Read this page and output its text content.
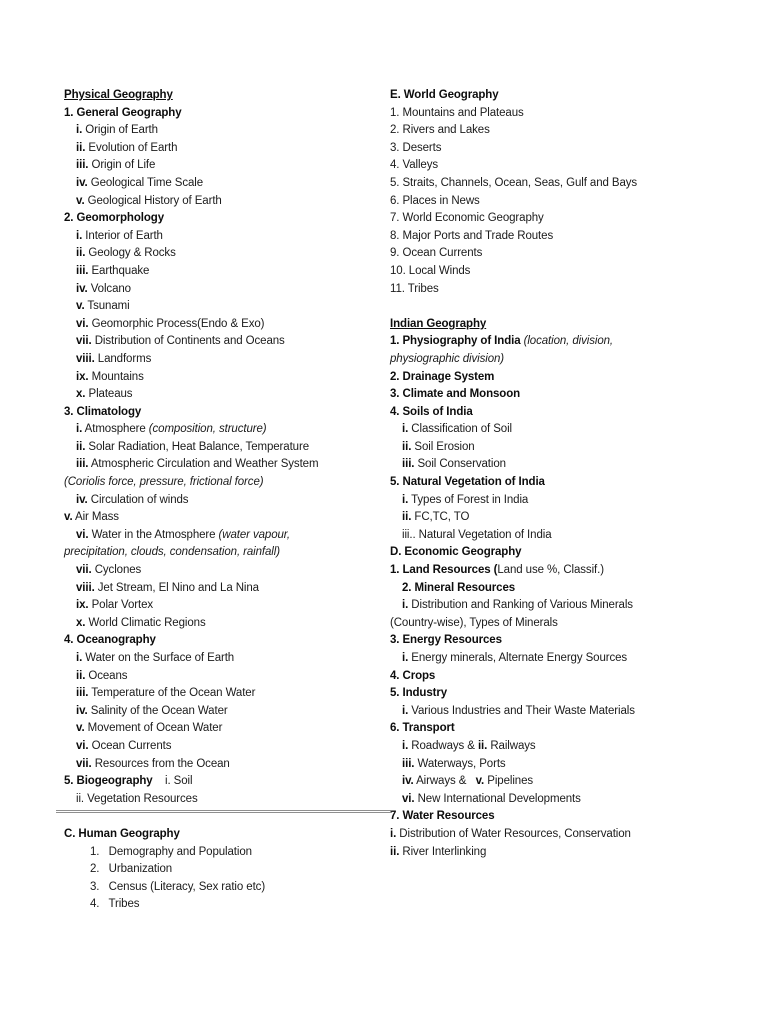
Physical Geography
1. General Geography
i. Origin of Earth
ii. Evolution of Earth
iii. Origin of Life
iv. Geological Time Scale
v. Geological History of Earth
2. Geomorphology
i. Interior of Earth
ii. Geology & Rocks
iii. Earthquake
iv. Volcano
v. Tsunami
vi. Geomorphic Process(Endo & Exo)
vii. Distribution of Continents and Oceans
viii. Landforms
ix. Mountains
x. Plateaus
3. Climatology
i. Atmosphere (composition, structure)
ii. Solar Radiation, Heat Balance, Temperature
iii. Atmospheric Circulation and Weather System
(Coriolis force, pressure, frictional force)
iv. Circulation of winds
v. Air Mass
vi. Water in the Atmosphere (water vapour,
precipitation, clouds, condensation, rainfall)
vii. Cyclones
viii. Jet Stream, El Nino and La Nina
ix. Polar Vortex
x. World Climatic Regions
4. Oceanography
i. Water on the Surface of Earth
ii. Oceans
iii. Temperature of the Ocean Water
iv. Salinity of the Ocean Water
v. Movement of Ocean Water
vi. Ocean Currents
vii. Resources from the Ocean
5. Biogeography    i. Soil
ii. Vegetation Resources
C. Human Geography
1.   Demography and Population
2.   Urbanization
3.   Census (Literacy, Sex ratio etc)
4.   Tribes
E. World Geography
1. Mountains and Plateaus
2. Rivers and Lakes
3. Deserts
4. Valleys
5. Straits, Channels, Ocean, Seas, Gulf and Bays
6. Places in News
7. World Economic Geography
8. Major Ports and Trade Routes
9. Ocean Currents
10. Local Winds
11. Tribes
Indian Geography
1. Physiography of India (location, division,
physiographic division)
2. Drainage System
3. Climate and Monsoon
4. Soils of India
i. Classification of Soil
ii. Soil Erosion
iii. Soil Conservation
5. Natural Vegetation of India
i. Types of Forest in India
ii. FC,TC, TO
iii.. Natural Vegetation of India
D. Economic Geography
1. Land Resources (Land use %, Classif.)
2. Mineral Resources
i. Distribution and Ranking of Various Minerals
(Country-wise), Types of Minerals
3. Energy Resources
i. Energy minerals, Alternate Energy Sources
4. Crops
5. Industry
i. Various Industries and Their Waste Materials
6. Transport
i. Roadways & ii. Railways
iii. Waterways, Ports
iv. Airways &   v. Pipelines
vi. New International Developments
7. Water Resources
i. Distribution of Water Resources, Conservation
ii. River Interlinking
